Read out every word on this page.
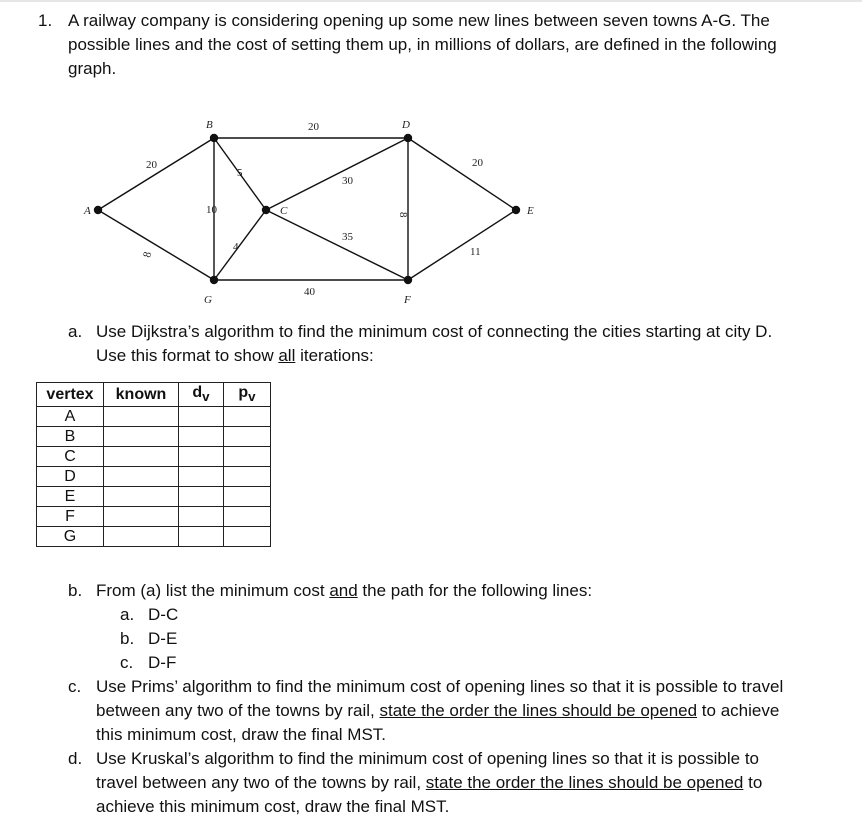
1. A railway company is considering opening up some new lines between seven towns A-G. The

possible lines and the cost of setting them up, in millions of dollars, are defined in the following

graph.

20
8
10
5
20
4
30
35
8
20
11
40
A
B
C
D
E
F
G
a. Use Dijkstra’s algorithm to find the minimum cost of connecting the cities starting at city D.

Use this format to show all iterations:

vertex	known	$d_v$	$p_v$
A			
B			
C			
D			
E			
F			
G			
b. From (a) list the minimum cost and the path for the following lines:

a. D-C

b. D-E

c. D-F

c. Use Prims’ algorithm to find the minimum cost of opening lines so that it is possible to travel

between any two of the towns by rail, state the order the lines should be opened to achieve

this minimum cost, draw the final MST.

d. Use Kruskal’s algorithm to find the minimum cost of opening lines so that it is possible to

travel between any two of the towns by rail, state the order the lines should be opened to

achieve this minimum cost, draw the final MST.
